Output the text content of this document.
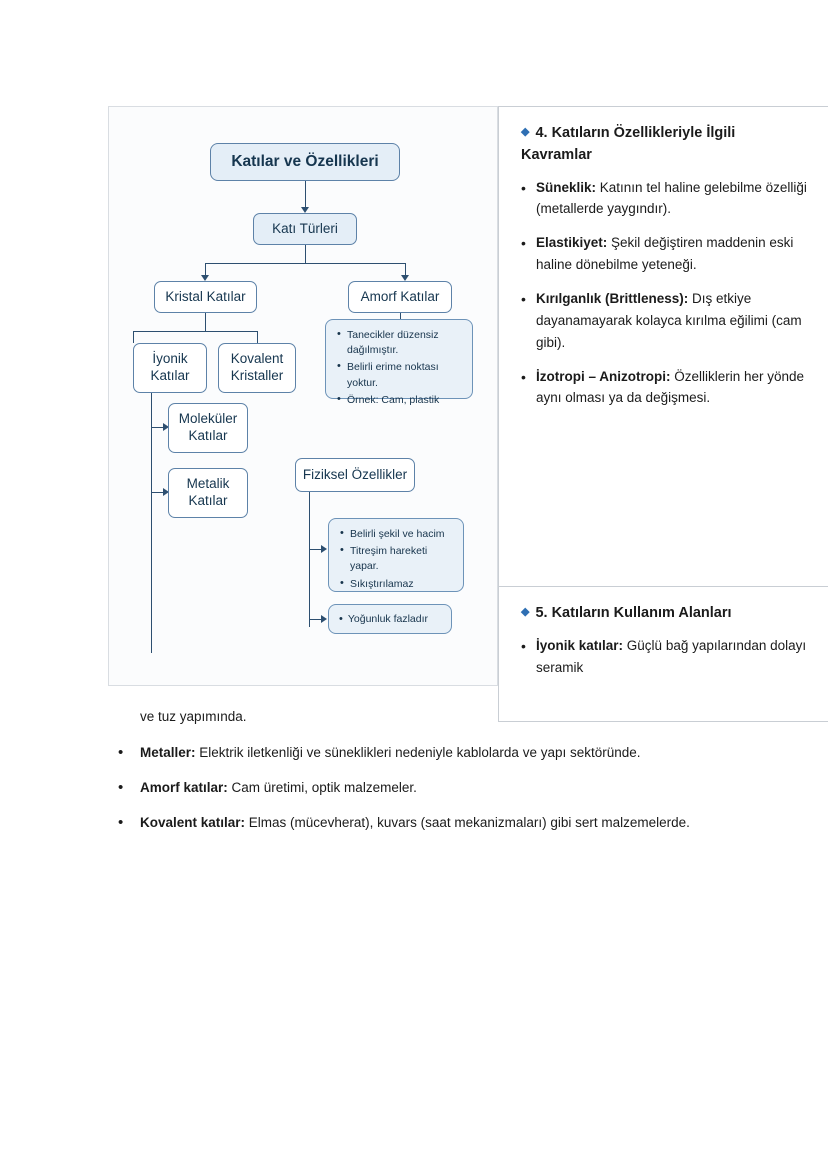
Katılar ve Özellikleri
Katı Türleri
Kristal Katılar	Amorf Katılar
İyonik Katılar
Kovalent Kristaller
Moleküler Katılar
Metalik Katılar
• Tanecikler düzensiz dağılmıştır.
• Belirli erime noktası yoktur.
• Örnek: Cam, plastik
Fiziksel Özellikler
• Belirli şekil ve hacim
• Titreşim hareketi yapar.
• Sıkıştırılamaz
• Yoğunluk fazladır
◆ 4. Katıların Özellikleriyle İlgili Kavramlar
• Süneklik: Katının tel haline gelebilme özelliği (metallerde yaygındır).
• Elastikiyet: Şekil değiştiren maddenin eski haline dönebilme yeteneği.
• Kırılganlık (Brittleness): Dış etkiye dayanamayarak kolayca kırılma eğilimi (cam gibi).
• İzotropi – Anizotropi: Özelliklerin her yönde aynı olması ya da değişmesi.
◆ 5. Katıların Kullanım Alanları
• İyonik katılar: Güçlü bağ yapılarından dolayı seramik
ve tuz yapımında.
• Metaller: Elektrik iletkenliği ve süneklikleri nedeniyle kablolarda ve yapı sektöründe.
• Amorf katılar: Cam üretimi, optik malzemeler.
• Kovalent katılar: Elmas (mücevherat), kuvars (saat mekanizmaları) gibi sert malzemelerde.
